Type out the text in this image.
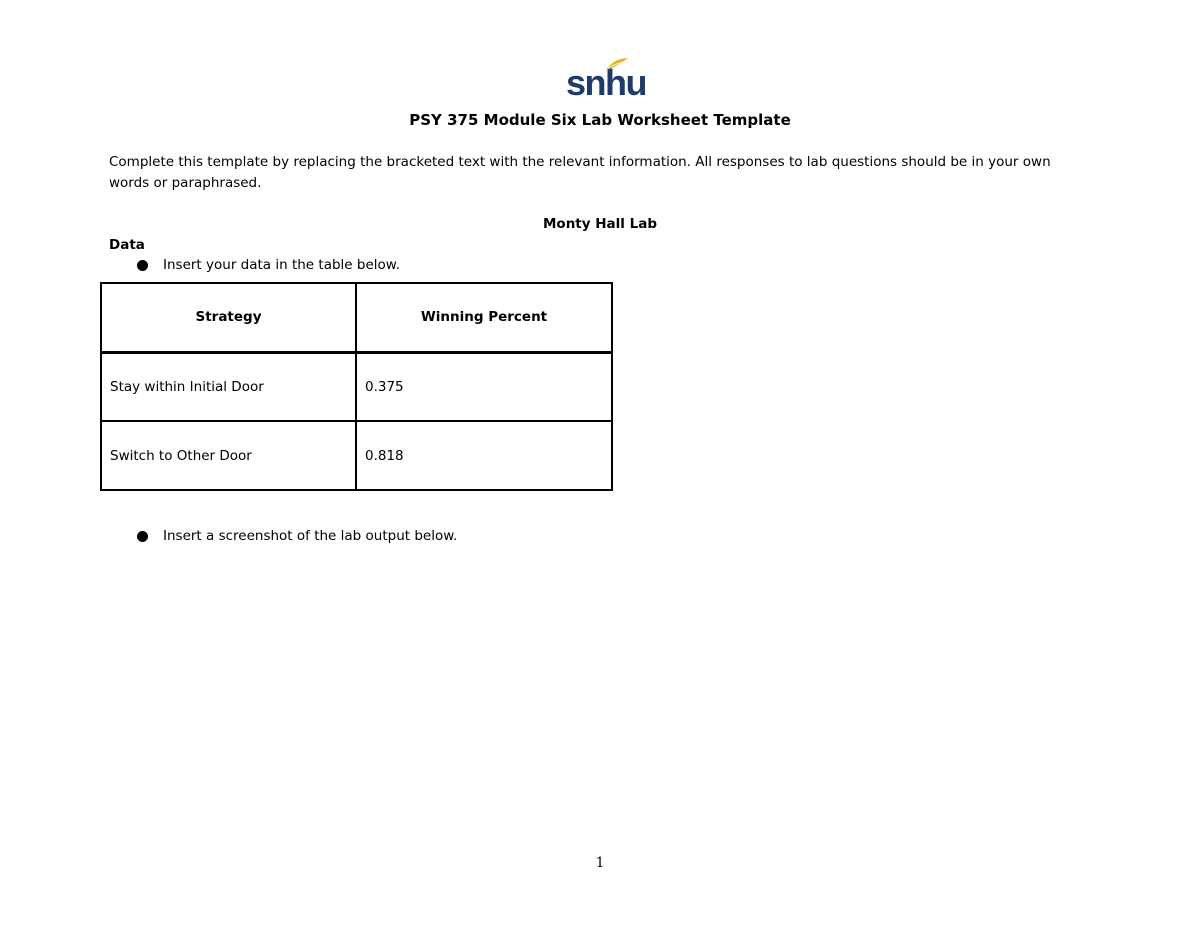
snhu
PSY 375 Module Six Lab Worksheet Template

Complete this template by replacing the bracketed text with the relevant information. All responses to lab questions should be in your own words or paraphrased.

Monty Hall Lab
Data
Insert your data in the table below.
Strategy	Winning Percent
Stay within Initial Door	0.375
Switch to Other Door	0.818
Insert a screenshot of the lab output below.
1
